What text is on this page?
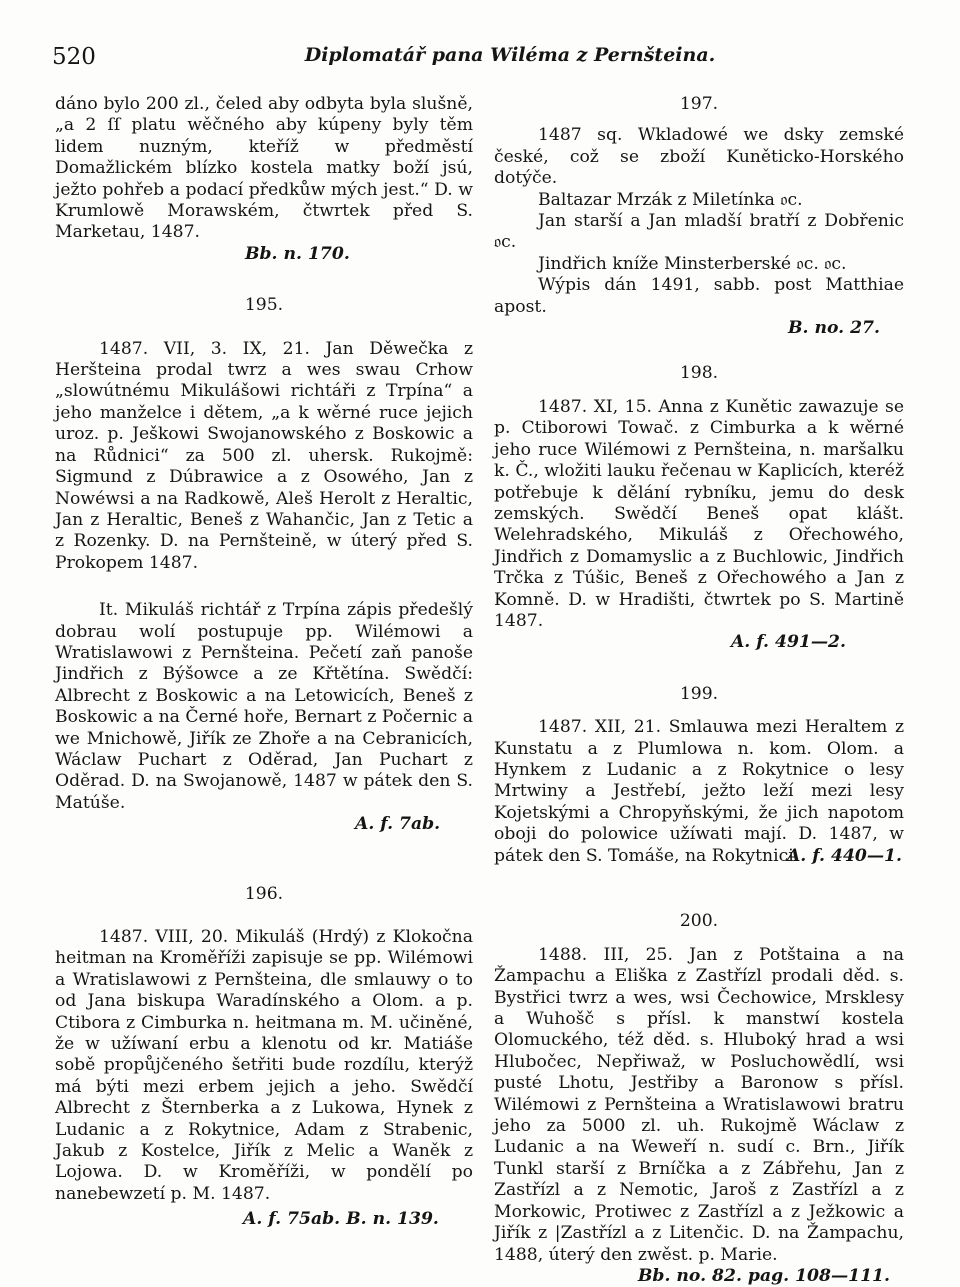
520	Diplomatář pana Wiléma z Pernšteina.

dáno bylo 200 zl., čeled aby odbyta byla slušně, „a 2 ſſ platu wěčného aby kúpeny byly těm lidem nuzným, kteříž w předměstí Domažlickém blízko kostela matky boží jsú, ježto pohřeb a podací předkůw mých jest.“ D. w Krumlowě Morawském, čtwrtek před S. Marketau, 1487.

Bb. n. 170.

195.

1487. VII, 3. IX, 21. Jan Děwečka z Heršteina prodal twrz a wes swau Crhow „slowútnému Mikulášowi richtáři z Trpína“ a jeho manželce i dětem, „a k wěrné ruce jejich uroz. p. Ješkowi Swojanowského z Boskowic a na Růdnici“ za 500 zl. uhersk. Rukojmě: Sigmund z Dúbrawice a z Osowého, Jan z Nowéwsi a na Radkowě, Aleš Herolt z Heraltic, Jan z Heraltic, Beneš z Wahančic, Jan z Tetic a z Rozenky. D. na Pernšteině, w úterý před S. Prokopem 1487.

It. Mikuláš richtář z Trpína zápis předešlý dobrau wolí postupuje pp. Wilémowi a Wratislawowi z Pernšteina. Pečetí zaň panoše Jindřich z Býšowce a ze Křtětína. Swědčí: Albrecht z Boskowic a na Letowicích, Beneš z Boskowic a na Černé hoře, Bernart z Počernic a we Mnichowě, Jiřík ze Zhoře a na Cebranicích, Wáclaw Puchart z Oděrad, Jan Puchart z Oděrad. D. na Swojanowě, 1487 w pátek den S. Matúše.

A. f. 7ab.

196.

1487. VIII, 20. Mikuláš (Hrdý) z Klokočna heitman na Kroměříži zapisuje se pp. Wilémowi a Wratislawowi z Pernšteina, dle smlauwy o to od Jana biskupa Waradínského a Olom. a p. Ctibora z Cimburka n. heitmana m. M. učiněné, že w užíwaní erbu a klenotu od kr. Matiáše sobě propůjčeného šetřiti bude rozdílu, kterýž má býti mezi erbem jejich a jeho. Swědčí Albrecht z Šternberka a z Lukowa, Hynek z Ludanic a z Rokytnice, Adam z Strabenic, Jakub z Kostelce, Jiřík z Melic a Waněk z Lojowa. D. w Kroměříži, w pondělí po nanebewzetí p. M. 1487.

A. f. 75ab. B. n. 139.

197.

1487 sq. Wkladowé we dsky zemské české, což se zboží Kuněticko-Horského dotýče.

Baltazar Mrzák z Miletínka 𝔬c.

Jan starší a Jan mladší bratří z Dobřenic 𝔬c.

Jindřich kníže Minsterberské 𝔬c. 𝔬c.

Wýpis dán 1491, sabb. post Matthiae apost.

B. no. 27.

198.

1487. XI, 15. Anna z Kunětic zawazuje se p. Ctiborowi Towač. z Cimburka a k wěrné jeho ruce Wilémowi z Pernšteina, n. maršalku k. Č., wložiti lauku řečenau w Kaplicích, kteréž potřebuje k dělání rybníku, jemu do desk zemských. Swědčí Beneš opat klášt. Welehradského, Mikuláš z Ořechowého, Jindřich z Domamyslic a z Buchlowic, Jindřich Trčka z Túšic, Beneš z Ořechowého a Jan z Komně. D. w Hradišti, čtwrtek po S. Martině 1487.

A. f. 491—2.

199.

1487. XII, 21. Smlauwa mezi Heraltem z Kunstatu a z Plumlowa n. kom. Olom. a Hynkem z Ludanic a z Rokytnice o lesy Mrtwiny a Jestřebí, ježto leží mezi lesy Kojetskými a Chropyňskými, že jich napotom oboji do polowice užíwati mají. D. 1487, w pátek den S. Tomáše, na Rokytnici.

A. f. 440—1.

200.

1488. III, 25. Jan z Potštaina a na Žampachu a Eliška z Zastřízl prodali děd. s. Bystřici twrz a wes, wsi Čechowice, Mrsklesy a Wuhošč s přísl. k manstwí kostela Olomuckého, též děd. s. Hluboký hrad a wsi Hlubočec, Nepřiwaž, w Posluchowědlí, wsi pusté Lhotu, Jestřiby a Baronow s přísl. Wilémowi z Pernšteina a Wratislawowi bratru jeho za 5000 zl. uh. Rukojmě Wáclaw z Ludanic a na Weweří n. sudí c. Brn., Jiřík Tunkl starší z Brníčka a z Zábřehu, Jan z Zastřízl a z Nemotic, Jaroš z Zastřízl a z Morkowic, Protiwec z Zastřízl a z Ježkowic a Jiřík z |Zastřízl a z Litenčic. D. na Žampachu, 1488, úterý den zwěst. p. Marie.

Bb. no. 82. pag. 108—111.
